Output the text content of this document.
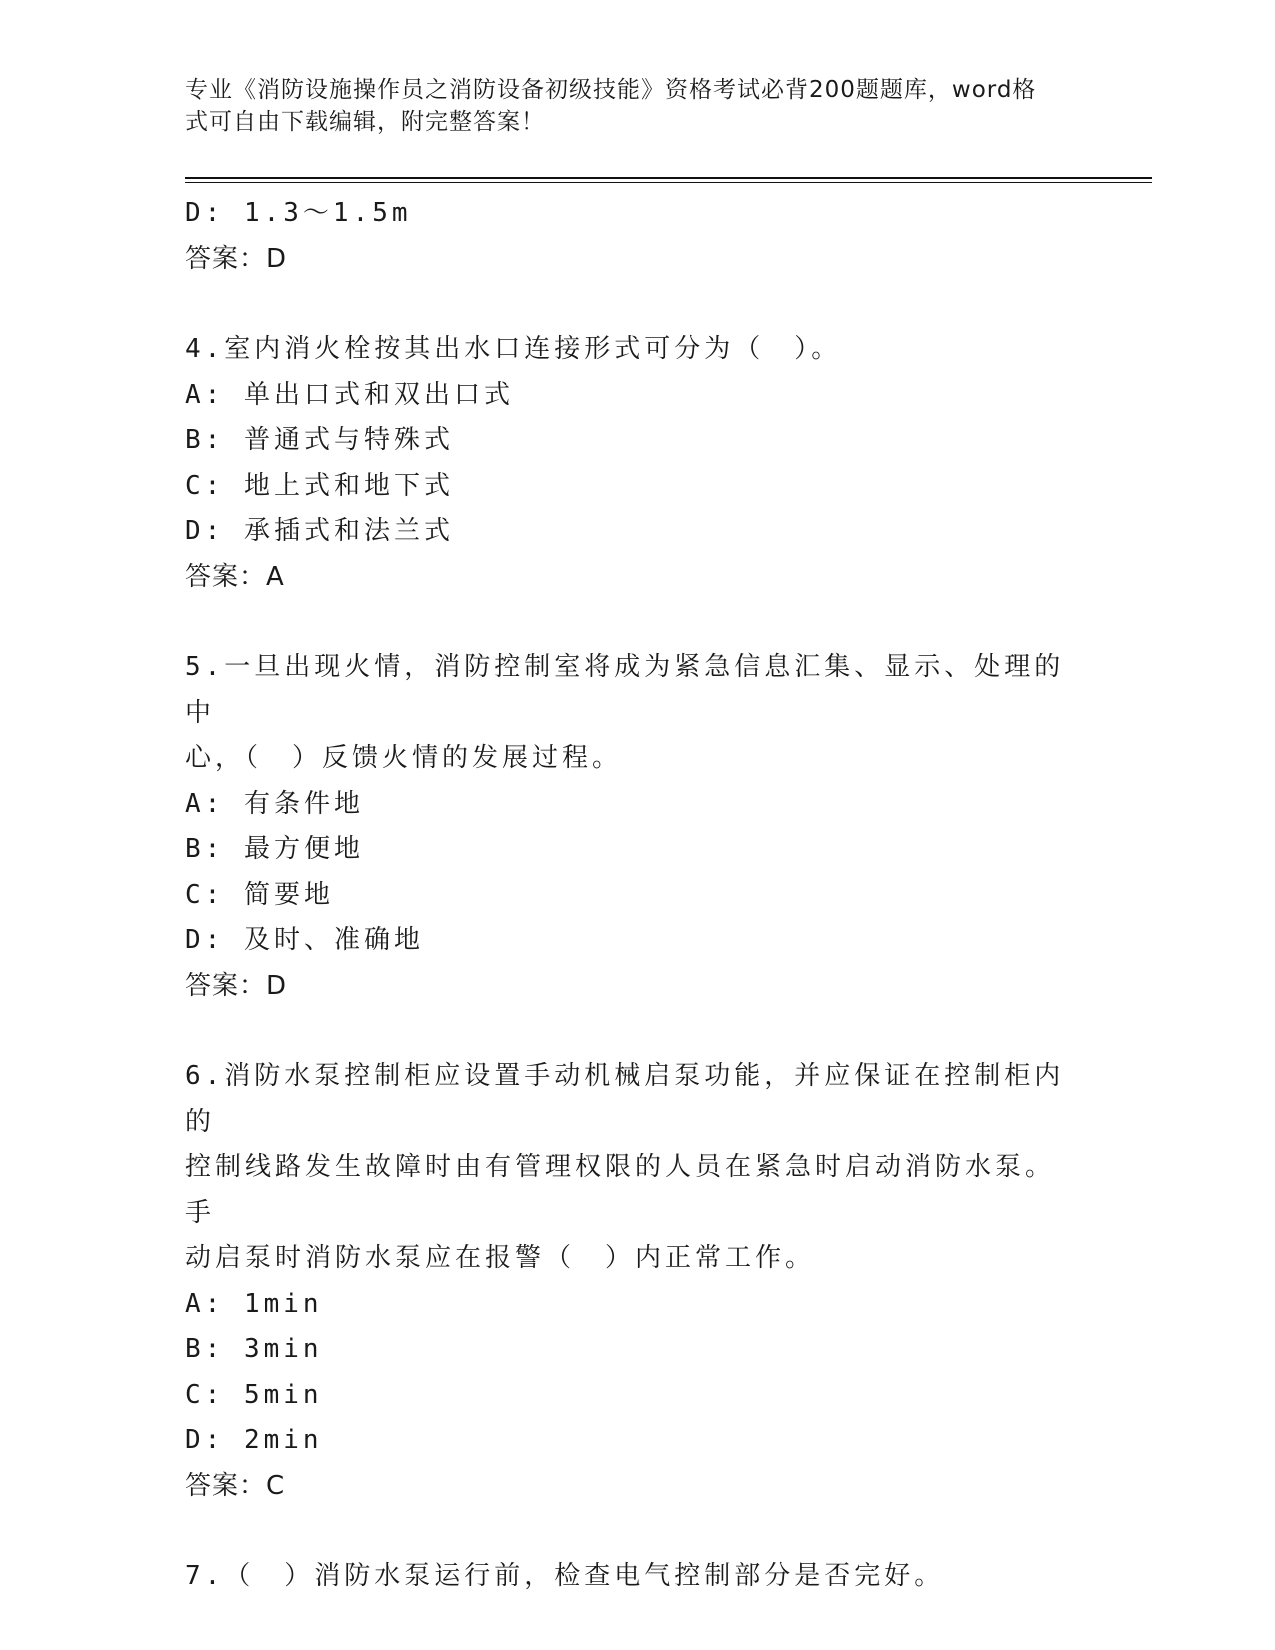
专业《消防设施操作员之消防设备初级技能》资格考试必背200题题库，word格
式可自由下载编辑，附完整答案！
D: 1.3～1.5m
答案：D
4.室内消火栓按其出水口连接形式可分为（　）。
A: 单出口式和双出口式
B: 普通式与特殊式
C: 地上式和地下式
D: 承插式和法兰式
答案：A
5.一旦出现火情，消防控制室将成为紧急信息汇集、显示、处理的中
心，（　）反馈火情的发展过程。
A: 有条件地
B: 最方便地
C: 简要地
D: 及时、准确地
答案：D
6.消防水泵控制柜应设置手动机械启泵功能，并应保证在控制柜内的
控制线路发生故障时由有管理权限的人员在紧急时启动消防水泵。手
动启泵时消防水泵应在报警（　）内正常工作。
A: 1min
B: 3min
C: 5min
D: 2min
答案：C
7.（　）消防水泵运行前，检查电气控制部分是否完好。
